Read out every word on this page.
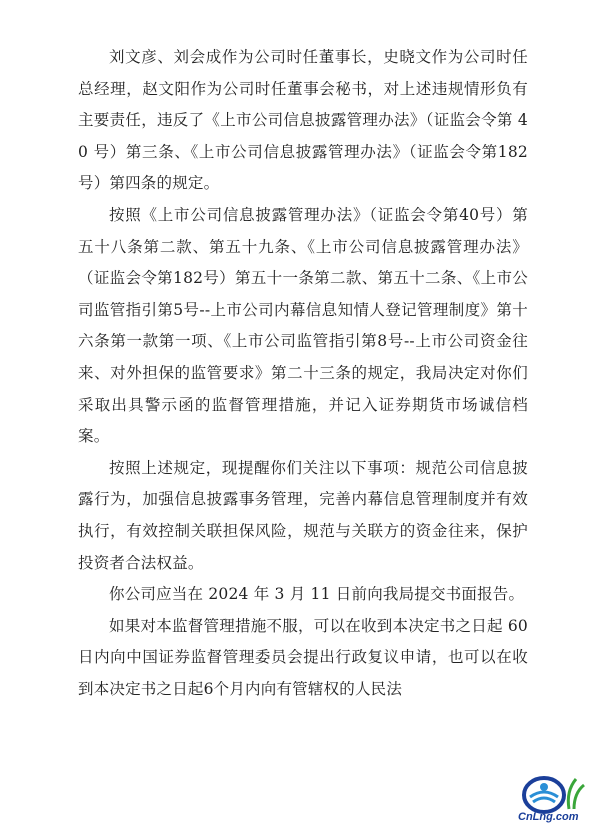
刘文彦、刘会成作为公司时任董事长，史晓文作为公司时任总经理，赵文阳作为公司时任董事会秘书，对上述违规情形负有主要责任，违反了《上市公司信息披露管理办法》（证监会令第 40 号）第三条、《上市公司信息披露管理办法》（证监会令第182号）第四条的规定。

按照《上市公司信息披露管理办法》（证监会令第40号）第五十八条第二款、第五十九条、《上市公司信息披露管理办法》（证监会令第182号）第五十一条第二款、第五十二条、《上市公司监管指引第5号--上市公司内幕信息知情人登记管理制度》第十六条第一款第一项、《上市公司监管指引第8号--上市公司资金往来、对外担保的监管要求》第二十三条的规定，我局决定对你们采取出具警示函的监督管理措施，并记入证券期货市场诚信档案。

按照上述规定，现提醒你们关注以下事项：规范公司信息披露行为，加强信息披露事务管理，完善内幕信息管理制度并有效执行，有效控制关联担保风险，规范与关联方的资金往来，保护投资者合法权益。

你公司应当在 2024 年 3 月 11 日前向我局提交书面报告。

如果对本监督管理措施不服，可以在收到本决定书之日起 60 日内向中国证券监督管理委员会提出行政复议申请，也可以在收到本决定书之日起6个月内向有管辖权的人民法

CnLng.com
